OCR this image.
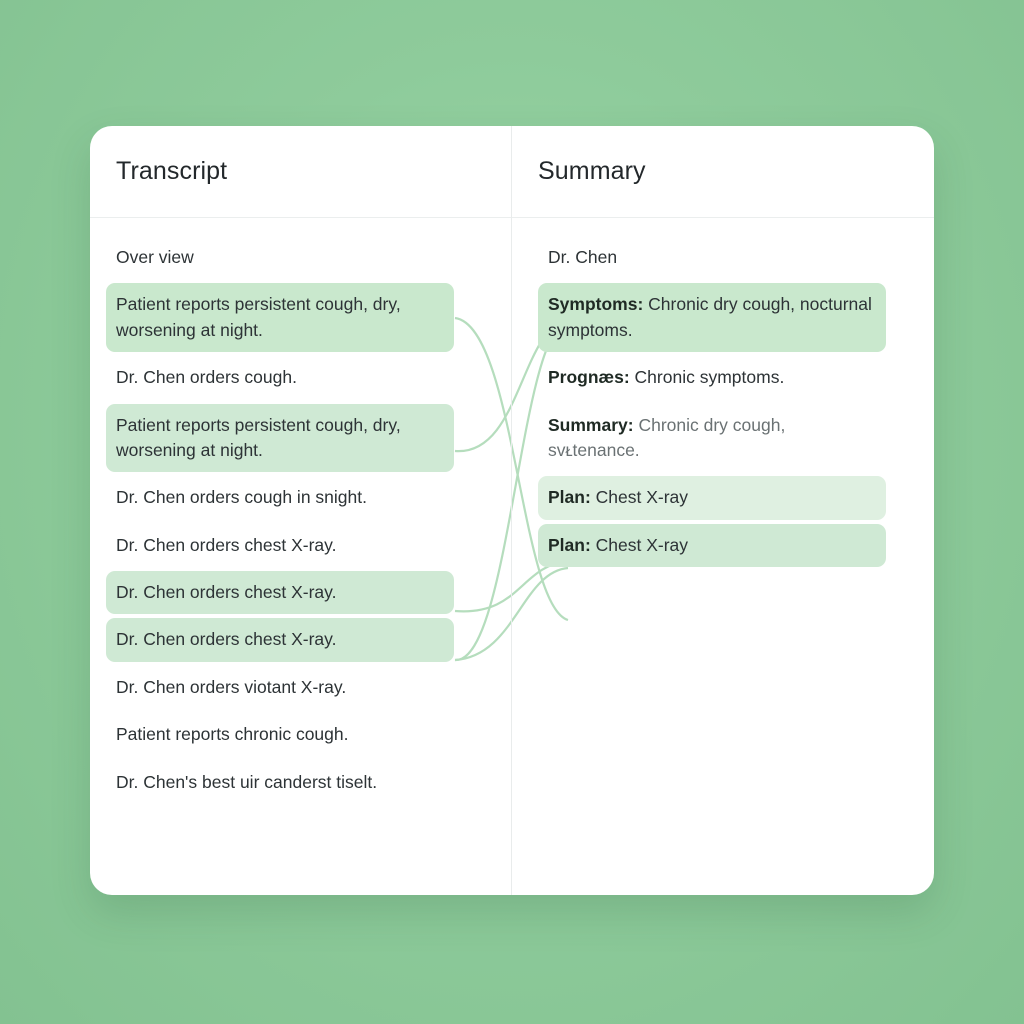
Transcript
Over view
Patient reports persistent cough, dry, worsening at night.
Dr. Chen orders cough.
Patient reports persistent cough, dry, worsening at night.
Dr. Chen orders cough in snight.
Dr. Chen orders chest X-ray.
Dr. Chen orders chest X-ray.
Dr. Chen orders chest X-ray.
Dr. Chen orders viotant X-ray.
Patient reports chronic cough.
Dr. Chen's best uir canderst tiselt.
Summary
Dr. Chen
Symptoms: Chronic dry cough, nocturnal symptoms.
Prognæs: Chronic symptoms.
Summary: Chronic dry cough, svᴌtenance.
Plan: Chest X-ray
Plan: Chest X-ray
